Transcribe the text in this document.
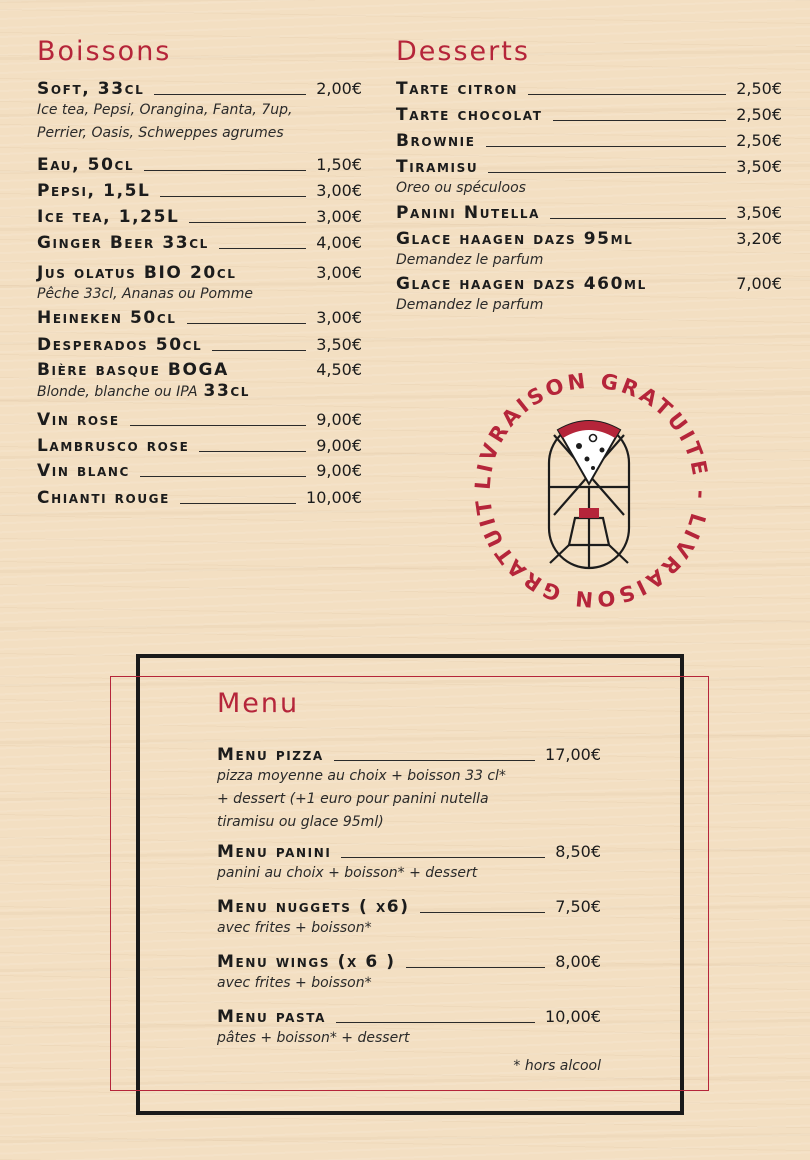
Boissons
Soft, 33cl	2,00€
Ice tea, Pepsi, Orangina, Fanta, 7up,
Perrier, Oasis, Schweppes agrumes
Eau, 50cl	1,50€
Pepsi, 1,5L	3,00€
Ice tea, 1,25L	3,00€
Ginger Beer 33cl	4,00€
Jus olatus BIO 20cl	3,00€
Pêche 33cl, Ananas ou Pomme
Heineken 50cl	3,00€
Desperados 50cl	3,50€
Bière basque BOGA	4,50€
Blonde, blanche ou IPA 33cl
Vin rose	9,00€
Lambrusco rose	9,00€
Vin blanc	9,00€
Chianti rouge	10,00€
Desserts
Tarte citron	2,50€
Tarte chocolat	2,50€
Brownie	2,50€
Tiramisu	3,50€
Oreo ou spéculoos
Panini Nutella	3,50€
Glace haagen dazs 95ml	3,20€
Demandez le parfum
Glace haagen dazs 460ml	7,00€
Demandez le parfum
LIVRAISON GRATUITE - LIVRAISON GRATUIT
Menu
Menu pizza	17,00€
pizza moyenne au choix + boisson 33 cl*
+ dessert (+1 euro pour panini nutella
tiramisu ou glace 95ml)
Menu panini	8,50€
panini au choix + boisson* + dessert
Menu nuggets ( x6)	7,50€
avec frites + boisson*
Menu wings (x 6 )	8,00€
avec frites + boisson*
Menu pasta	10,00€
pâtes + boisson* + dessert
* hors alcool
